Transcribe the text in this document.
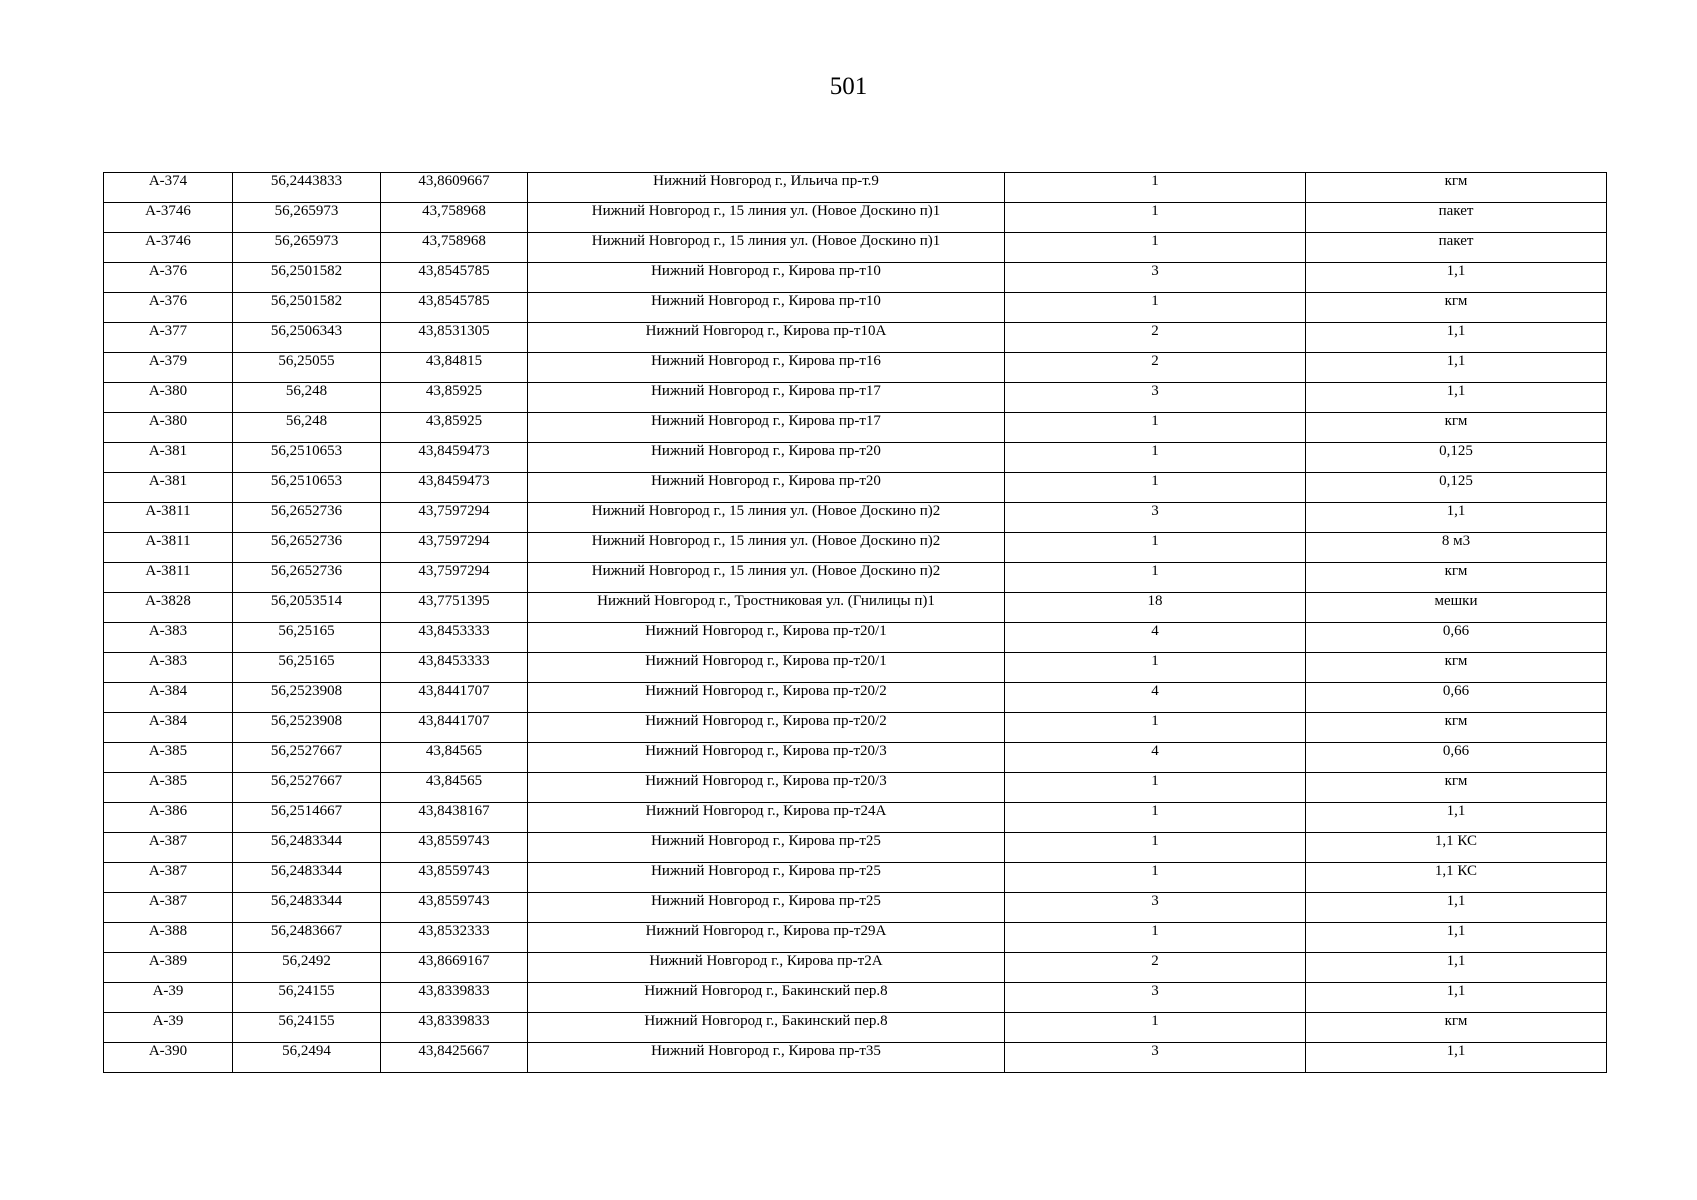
501
А-374	56,2443833	43,8609667	Нижний Новгород г., Ильича пр-т.9	1	кгм
А-3746	56,265973	43,758968	Нижний Новгород г., 15 линия ул. (Новое Доскино п)1	1	пакет
А-3746	56,265973	43,758968	Нижний Новгород г., 15 линия ул. (Новое Доскино п)1	1	пакет
А-376	56,2501582	43,8545785	Нижний Новгород г., Кирова пр-т10	3	1,1
А-376	56,2501582	43,8545785	Нижний Новгород г., Кирова пр-т10	1	кгм
А-377	56,2506343	43,8531305	Нижний Новгород г., Кирова пр-т10А	2	1,1
А-379	56,25055	43,84815	Нижний Новгород г., Кирова пр-т16	2	1,1
А-380	56,248	43,85925	Нижний Новгород г., Кирова пр-т17	3	1,1
А-380	56,248	43,85925	Нижний Новгород г., Кирова пр-т17	1	кгм
А-381	56,2510653	43,8459473	Нижний Новгород г., Кирова пр-т20	1	0,125
А-381	56,2510653	43,8459473	Нижний Новгород г., Кирова пр-т20	1	0,125
А-3811	56,2652736	43,7597294	Нижний Новгород г., 15 линия ул. (Новое Доскино п)2	3	1,1
А-3811	56,2652736	43,7597294	Нижний Новгород г., 15 линия ул. (Новое Доскино п)2	1	8 м3
А-3811	56,2652736	43,7597294	Нижний Новгород г., 15 линия ул. (Новое Доскино п)2	1	кгм
А-3828	56,2053514	43,7751395	Нижний Новгород г., Тростниковая ул. (Гнилицы п)1	18	мешки
А-383	56,25165	43,8453333	Нижний Новгород г., Кирова пр-т20/1	4	0,66
А-383	56,25165	43,8453333	Нижний Новгород г., Кирова пр-т20/1	1	кгм
А-384	56,2523908	43,8441707	Нижний Новгород г., Кирова пр-т20/2	4	0,66
А-384	56,2523908	43,8441707	Нижний Новгород г., Кирова пр-т20/2	1	кгм
А-385	56,2527667	43,84565	Нижний Новгород г., Кирова пр-т20/3	4	0,66
А-385	56,2527667	43,84565	Нижний Новгород г., Кирова пр-т20/3	1	кгм
А-386	56,2514667	43,8438167	Нижний Новгород г., Кирова пр-т24А	1	1,1
А-387	56,2483344	43,8559743	Нижний Новгород г., Кирова пр-т25	1	1,1 КС
А-387	56,2483344	43,8559743	Нижний Новгород г., Кирова пр-т25	1	1,1 КС
А-387	56,2483344	43,8559743	Нижний Новгород г., Кирова пр-т25	3	1,1
А-388	56,2483667	43,8532333	Нижний Новгород г., Кирова пр-т29А	1	1,1
А-389	56,2492	43,8669167	Нижний Новгород г., Кирова пр-т2А	2	1,1
А-39	56,24155	43,8339833	Нижний Новгород г., Бакинский пер.8	3	1,1
А-39	56,24155	43,8339833	Нижний Новгород г., Бакинский пер.8	1	кгм
А-390	56,2494	43,8425667	Нижний Новгород г., Кирова пр-т35	3	1,1
